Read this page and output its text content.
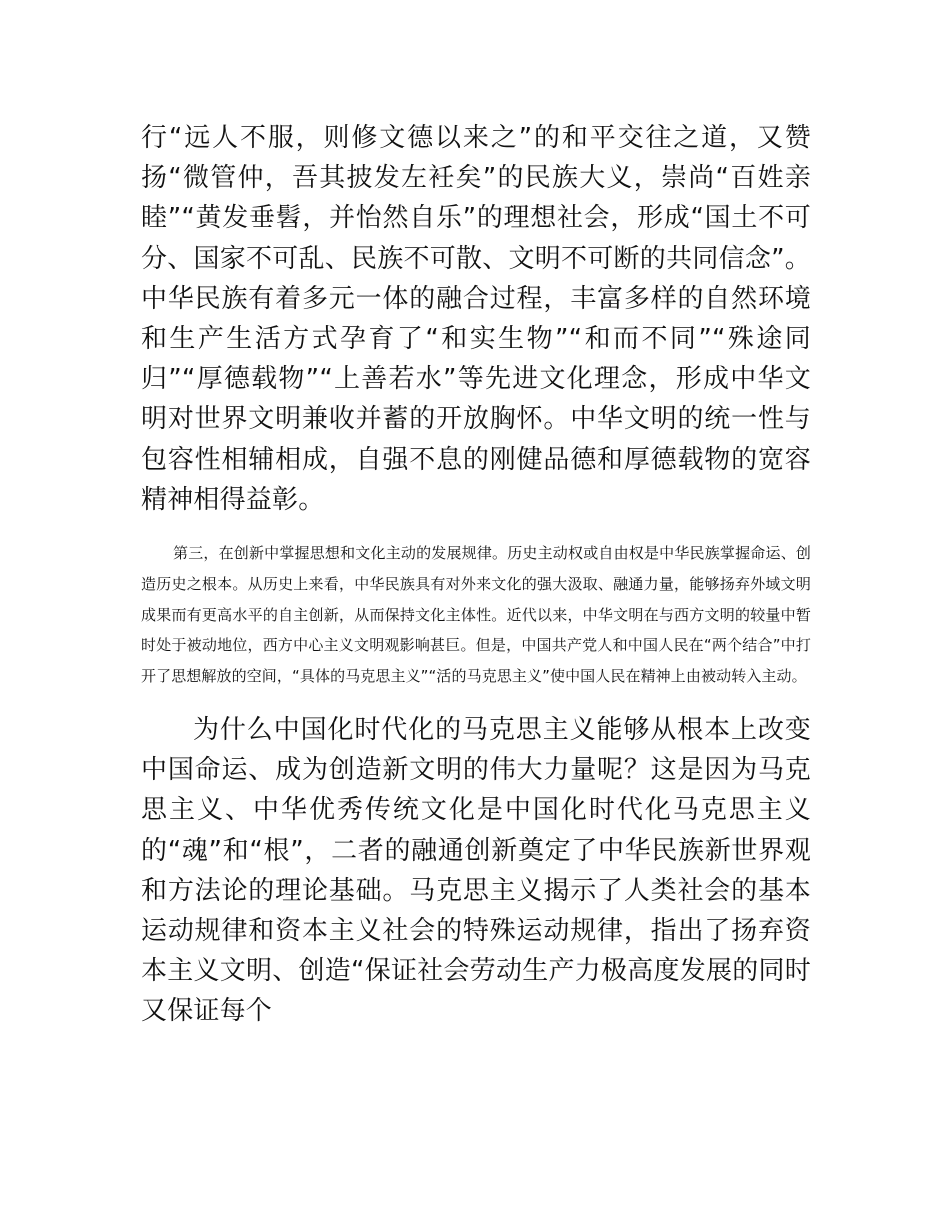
行“远人不服，则修文德以来之”的和平交往之道，又赞扬“微管仲，吾其披发左衽矣”的民族大义，崇尚“百姓亲睦”“黄发垂髫，并怡然自乐”的理想社会，形成“国土不可分、国家不可乱、民族不可散、文明不可断的共同信念”。中华民族有着多元一体的融合过程，丰富多样的自然环境和生产生活方式孕育了“和实生物”“和而不同”“殊途同归”“厚德载物”“上善若水”等先进文化理念，形成中华文明对世界文明兼收并蓄的开放胸怀。中华文明的统一性与包容性相辅相成，自强不息的刚健品德和厚德载物的宽容精神相得益彰。

第三，在创新中掌握思想和文化主动的发展规律。历史主动权或自由权是中华民族掌握命运、创造历史之根本。从历史上来看，中华民族具有对外来文化的强大汲取、融通力量，能够扬弃外域文明成果而有更高水平的自主创新，从而保持文化主体性。近代以来，中华文明在与西方文明的较量中暂时处于被动地位，西方中心主义文明观影响甚巨。但是，中国共产党人和中国人民在“两个结合”中打开了思想解放的空间，“具体的马克思主义”“活的马克思主义”使中国人民在精神上由被动转入主动。

为什么中国化时代化的马克思主义能够从根本上改变中国命运、成为创造新文明的伟大力量呢？这是因为马克思主义、中华优秀传统文化是中国化时代化马克思主义的“魂”和“根”，二者的融通创新奠定了中华民族新世界观和方法论的理论基础。马克思主义揭示了人类社会的基本运动规律和资本主义社会的特殊运动规律，指出了扬弃资本主义文明、创造“保证社会劳动生产力极高度发展的同时又保证每个
